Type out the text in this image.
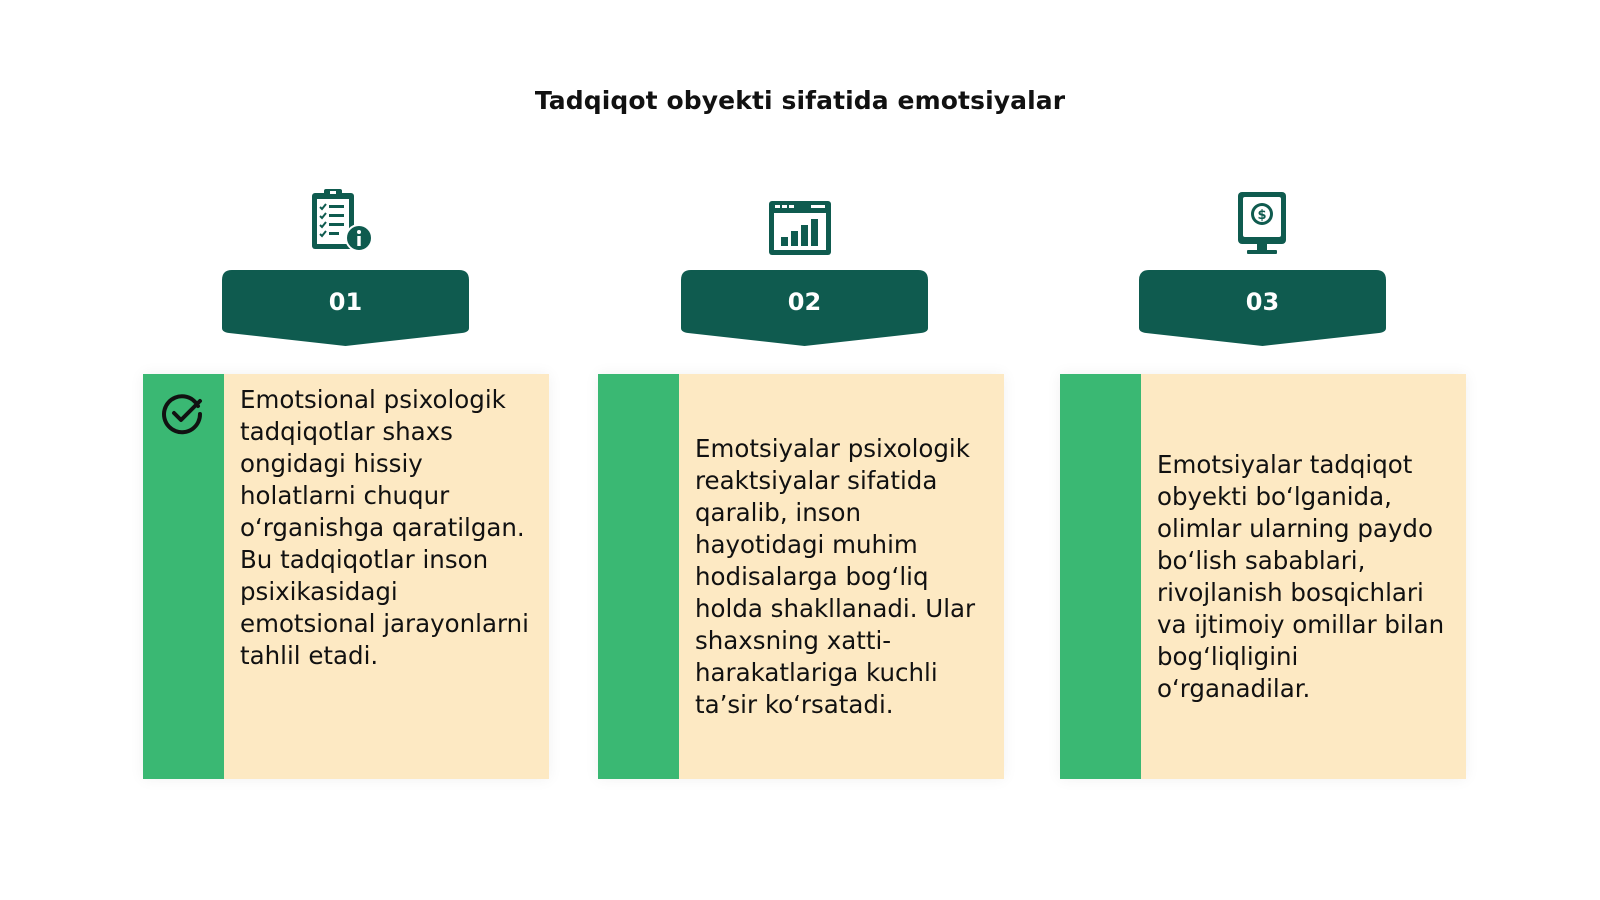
Tadqiqot obyekti sifatida emotsiyalar
01
Emotsional psixologik tadqiqotlar shaxs ongidagi hissiy holatlarni chuqur o‘rganishga qaratilgan. Bu tadqiqotlar inson psixikasidagi emotsional jarayonlarni tahlil etadi.
02
Emotsiyalar psixologik reaktsiyalar sifatida qaralib, inson hayotidagi muhim hodisalarga bog‘liq holda shakllanadi. Ular shaxsning xatti-harakatlariga kuchli ta’sir ko‘rsatadi.
$
03
Emotsiyalar tadqiqot obyekti bo‘lganida, olimlar ularning paydo bo‘lish sabablari, rivojlanish bosqichlari va ijtimoiy omillar bilan bog‘liqligini o‘rganadilar.
